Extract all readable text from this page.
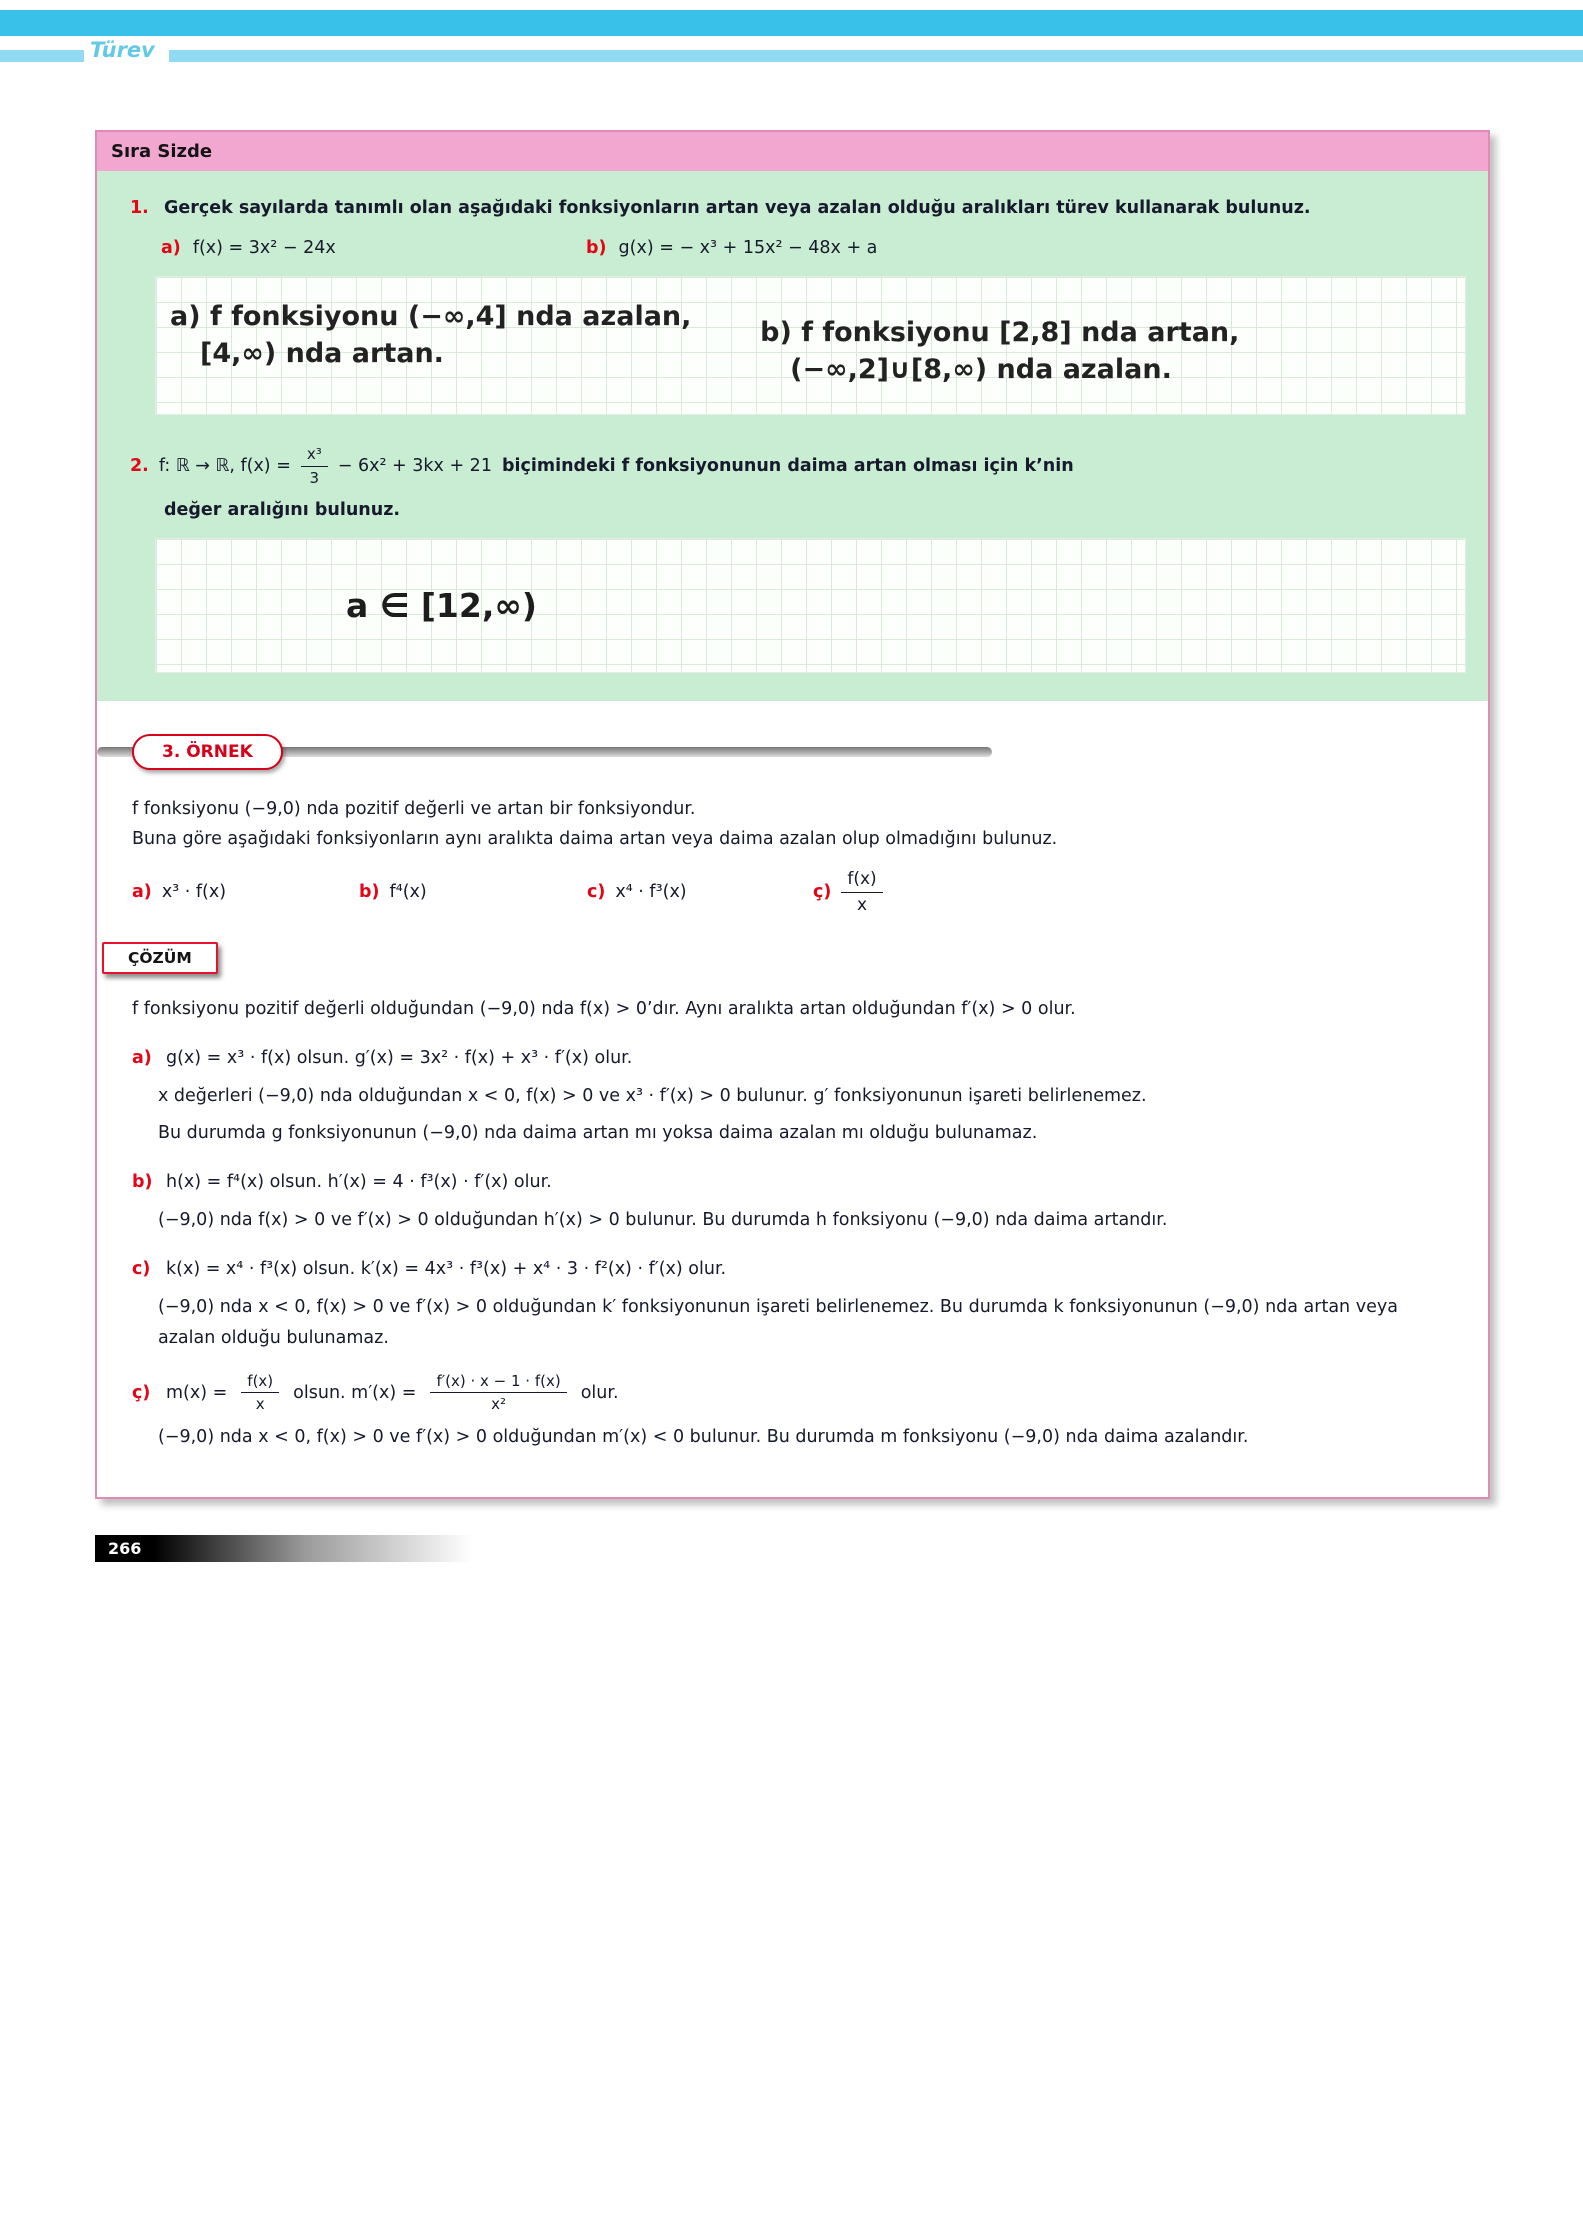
Türev
Sıra Sizde
1. Gerçek sayılarda tanımlı olan aşağıdaki fonksiyonların artan veya azalan olduğu aralıkları türev kullanarak bulunuz.
a) f(x) = 3x² − 24x	b) g(x) = − x³ + 15x² − 48x + a
a) f fonksiyonu (−∞,4] nda azalan,
[4,∞) nda artan.
b) f fonksiyonu [2,8] nda artan,
(−∞,2]∪[8,∞) nda azalan.
2. f: ℝ → ℝ, $f(x) = \frac{\text{x³}}{3} - 6x^2 + 3kx + 21$ biçimindeki f fonksiyonunun daima artan olması için k’nin
değer aralığını bulunuz.
a ∈ [12,∞)
3. ÖRNEK

f fonksiyonu (−9,0) nda pozitif değerli ve artan bir fonksiyondur.

Buna göre aşağıdaki fonksiyonların aynı aralıkta daima artan veya daima azalan olup olmadığını bulunuz.

a) x³ · f(x)	b) f⁴(x)	c) x⁴ · f³(x)	ç) $\frac{f(x)}{x}$
ÇÖZÜM

f fonksiyonu pozitif değerli olduğundan (−9,0) nda f(x) > 0’dır. Aynı aralıkta artan olduğundan f′(x) > 0 olur.

a) g(x) = x³ · f(x) olsun. g′(x) = 3x² · f(x) + x³ · f′(x) olur.

x değerleri (−9,0) nda olduğundan x < 0, f(x) > 0 ve x³ · f′(x) > 0 bulunur. g′ fonksiyonunun işareti belirlenemez.

Bu durumda g fonksiyonunun (−9,0) nda daima artan mı yoksa daima azalan mı olduğu bulunamaz.

b) h(x) = f⁴(x) olsun. h′(x) = 4 · f³(x) · f′(x) olur.

(−9,0) nda f(x) > 0 ve f′(x) > 0 olduğundan h′(x) > 0 bulunur. Bu durumda h fonksiyonu (−9,0) nda daima artandır.

c) k(x) = x⁴ · f³(x) olsun. k′(x) = 4x³ · f³(x) + x⁴ · 3 · f²(x) · f′(x) olur.

(−9,0) nda x < 0, f(x) > 0 ve f′(x) > 0 olduğundan k′ fonksiyonunun işareti belirlenemez. Bu durumda k fonksiyonunun (−9,0) nda artan veya azalan olduğu bulunamaz.

ç) $m(x) = \frac{f(x)}{x}$ olsun. $m'(x) = \frac{f'(x) \cdot x - 1 \cdot f(x)}{\text{x²}}$ olur.

(−9,0) nda x < 0, f(x) > 0 ve f′(x) > 0 olduğundan m′(x) < 0 bulunur. Bu durumda m fonksiyonu (−9,0) nda daima azalandır.

266
